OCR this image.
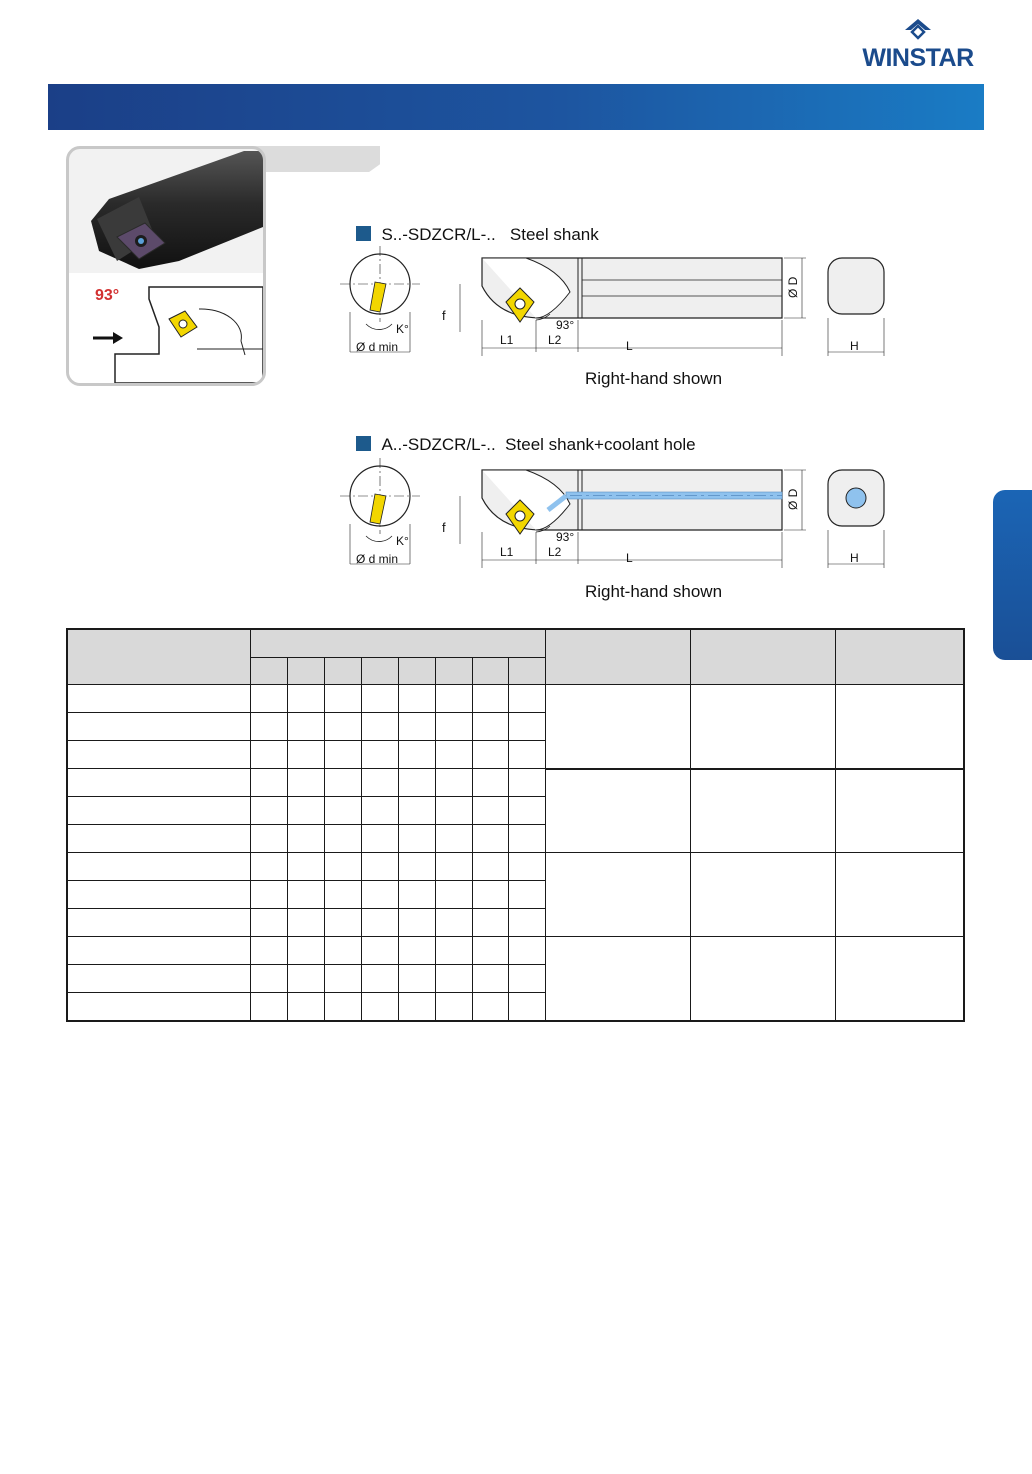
WINSTAR
93°

S..-SDZCR/L-..   Steel shank

K°
Ø d min
93°
f
L1	L2	L
Ø D
H
Right-hand shown

A..-SDZCR/L-..  Steel shank+coolant hole

K°
Ø d min
93°
f
L1	L2	L
Ø D
H
Right-hand shown
